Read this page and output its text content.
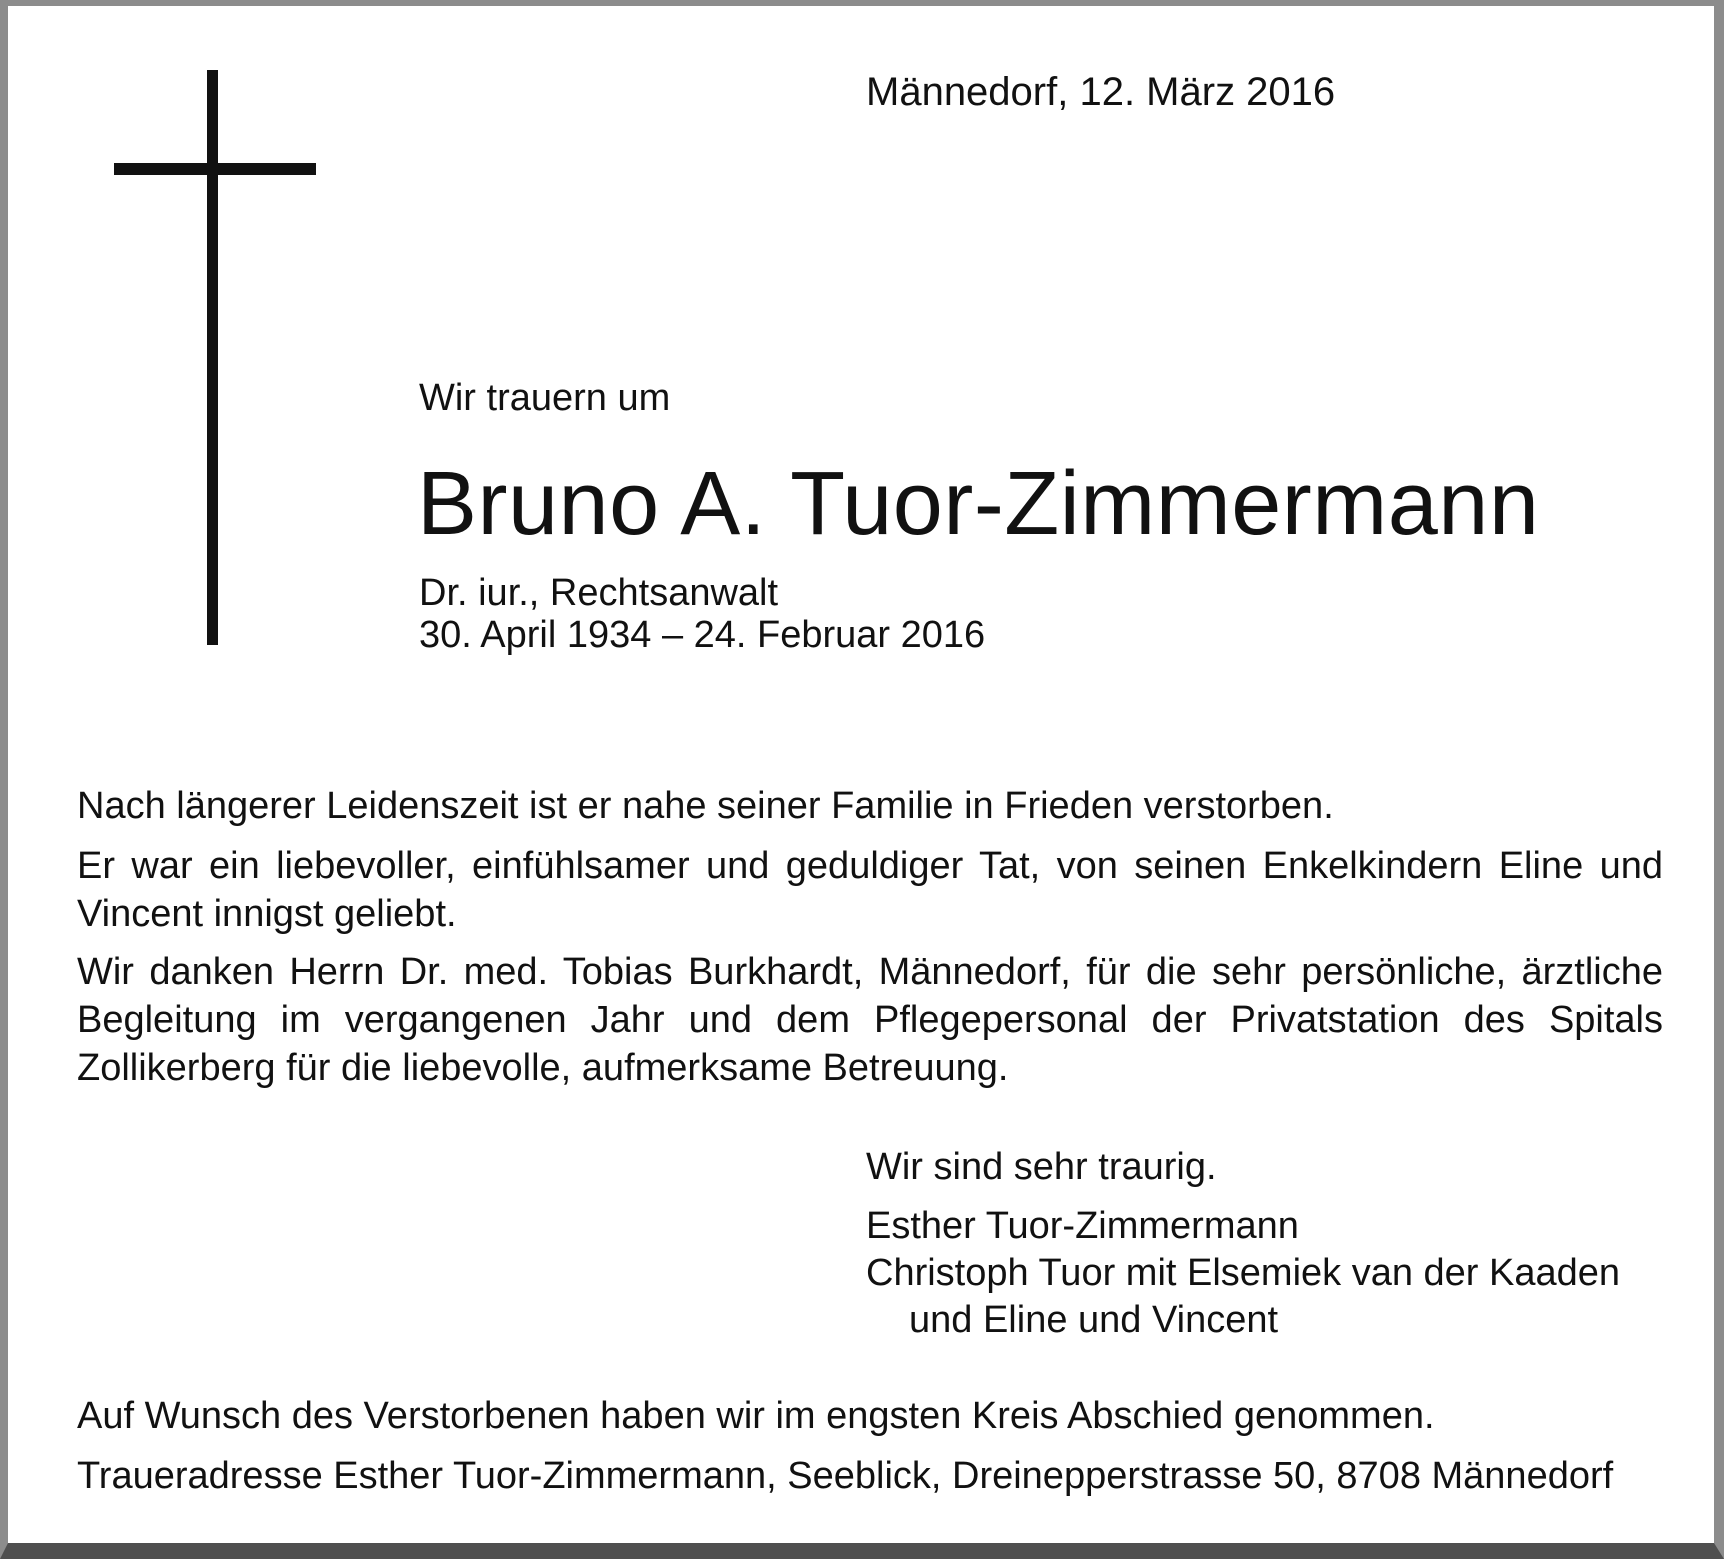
Männedorf, 12. März 2016
Wir trauern um
Bruno A. Tuor-Zimmermann
Dr. iur., Rechtsanwalt
30. April 1934 – 24. Februar 2016
Nach längerer Leidenszeit ist er nahe seiner Familie in Frieden verstorben.
Er war ein liebevoller, einfühlsamer und geduldiger Tat, von seinen Enkelkindern Eline und Vincent innigst geliebt.
Wir danken Herrn Dr. med. Tobias Burkhardt, Männedorf, für die sehr persönliche, ärztliche Begleitung im vergangenen Jahr und dem Pflegepersonal der Privatstation des Spitals Zollikerberg für die liebevolle, aufmerksame Betreuung.
Wir sind sehr traurig.
Esther Tuor-Zimmermann
Christoph Tuor mit Elsemiek van der Kaaden
und Eline und Vincent
Auf Wunsch des Verstorbenen haben wir im engsten Kreis Abschied genommen.
Traueradresse Esther Tuor-Zimmermann, Seeblick, Dreinepperstrasse 50, 8708 Männedorf
